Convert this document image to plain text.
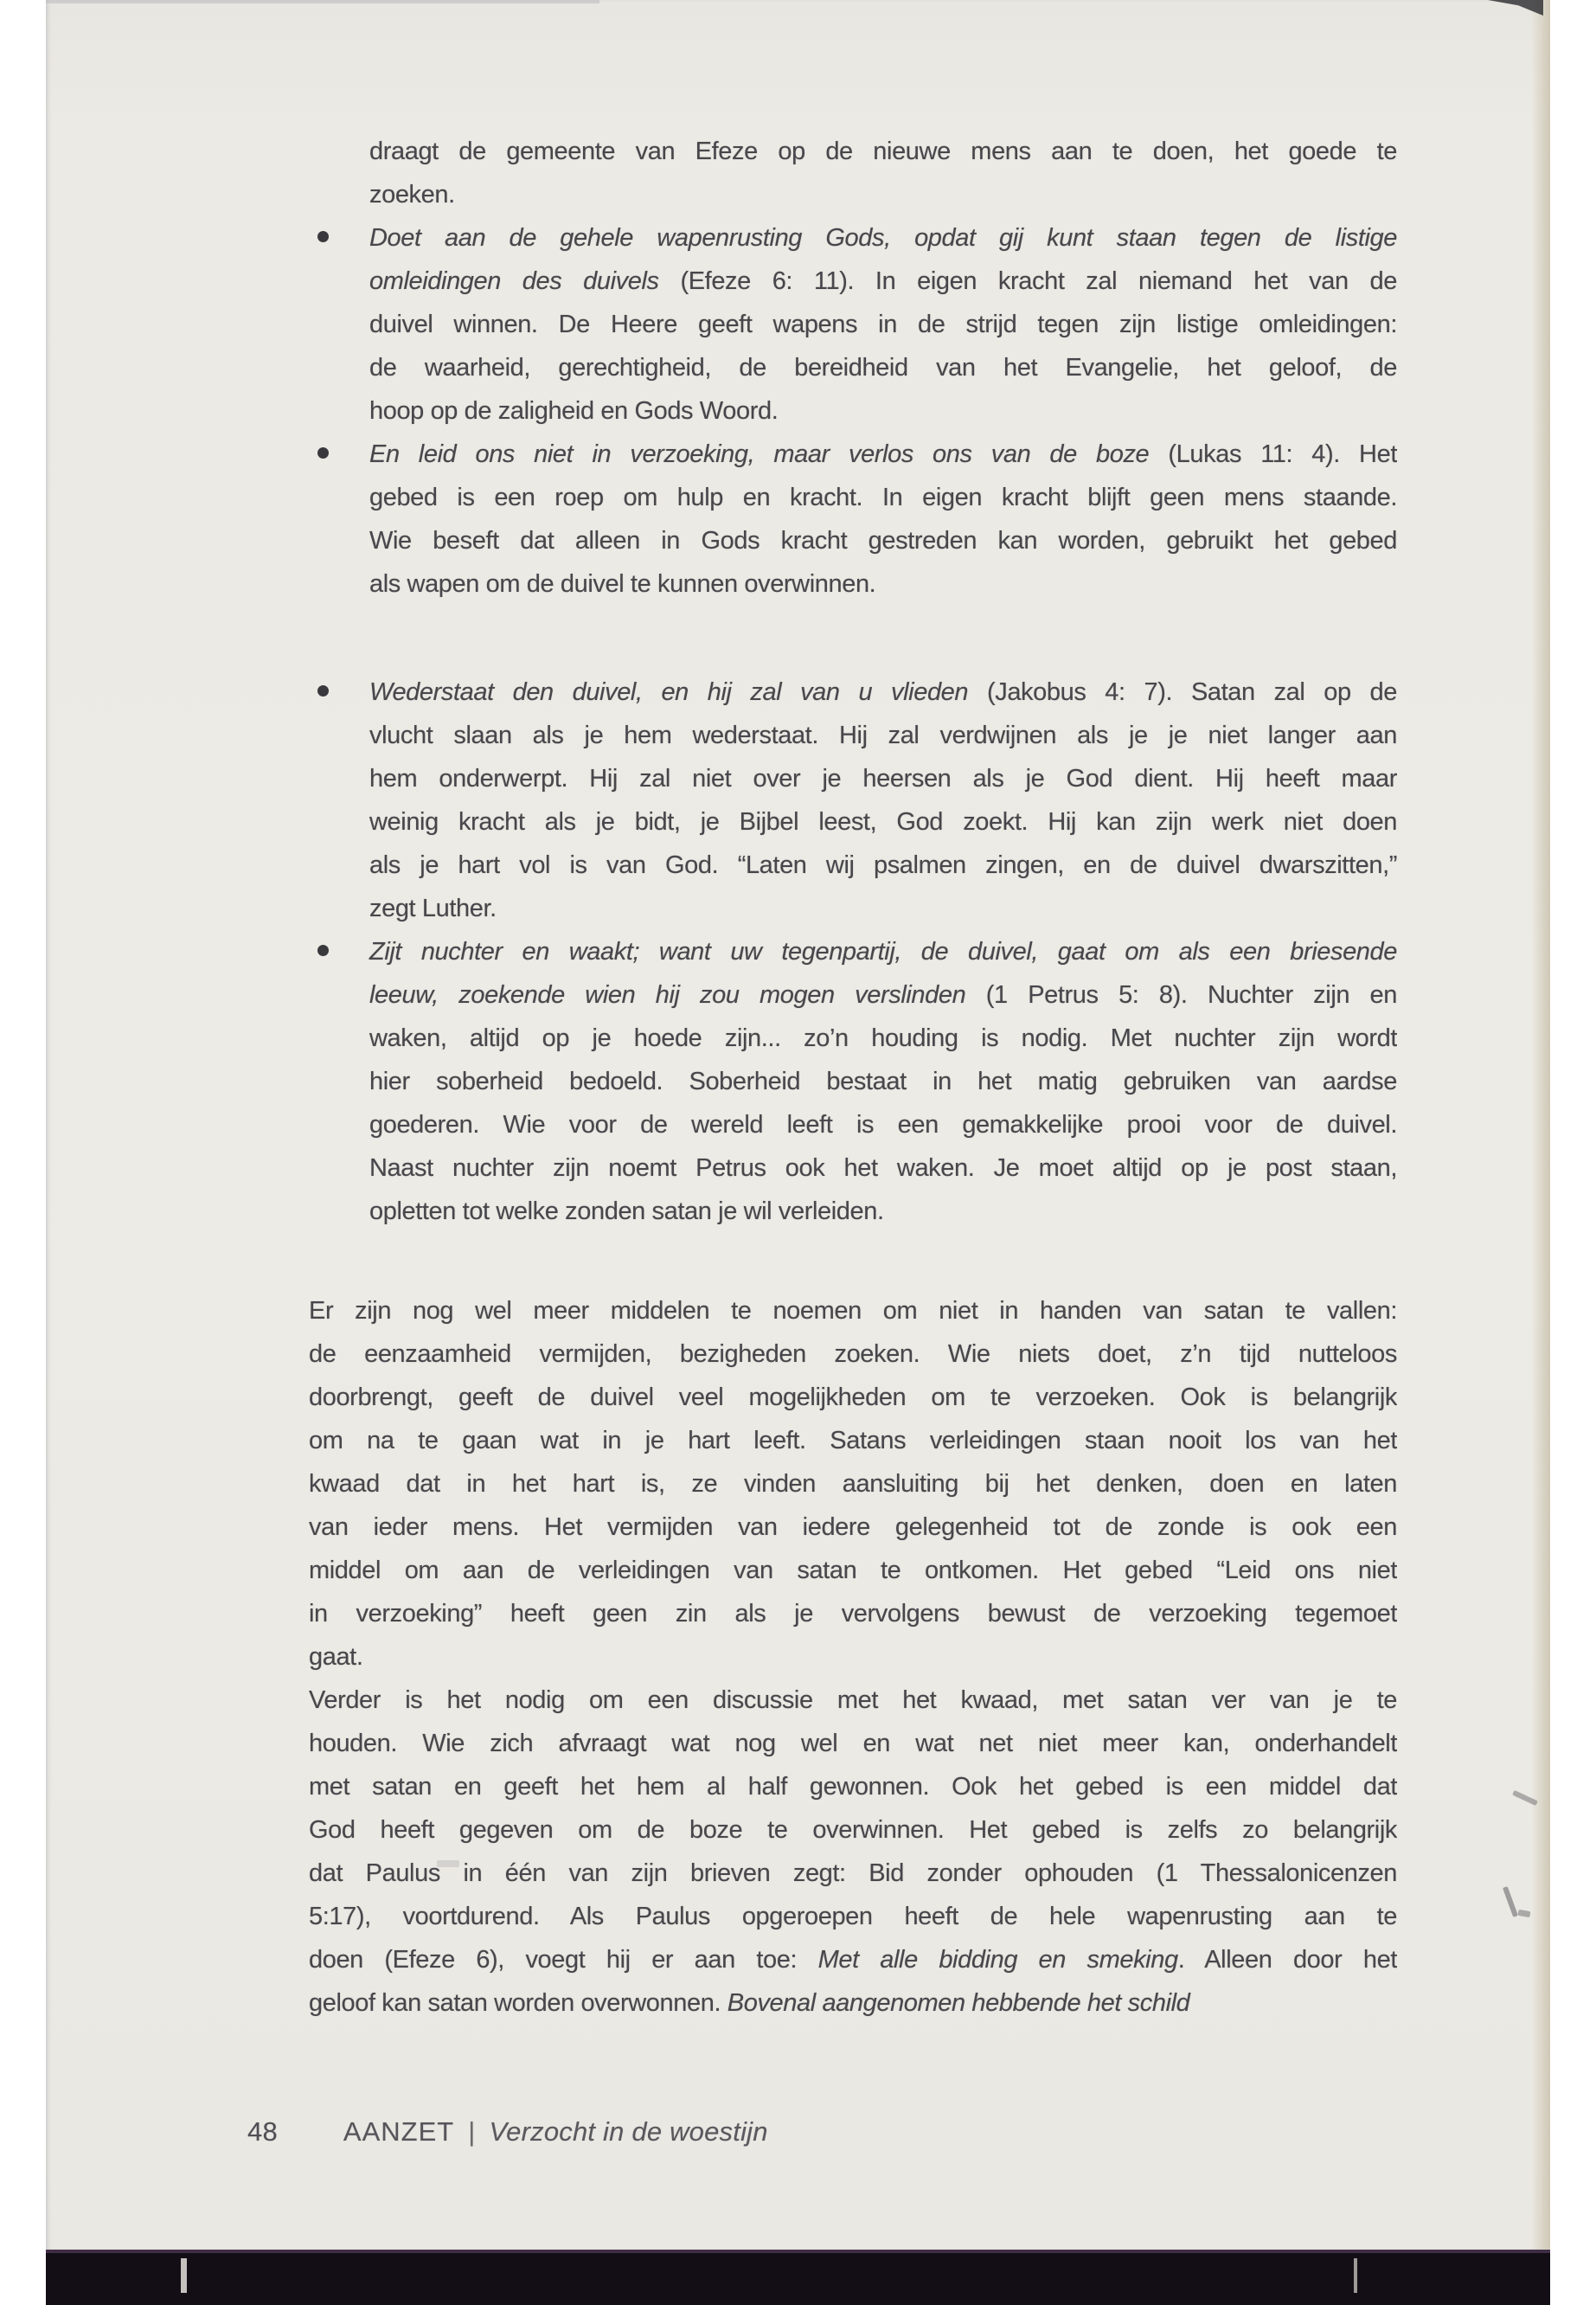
draagt de gemeente van Efeze op de nieuwe mens aan te doen, het goede te
zoeken.
Doet aan de gehele wapenrusting Gods, opdat gij kunt staan tegen de listige
omleidingen des duivels (Efeze 6: 11). In eigen kracht zal niemand het van de
duivel winnen. De Heere geeft wapens in de strijd tegen zijn listige omleidingen:
de waarheid, gerechtigheid, de bereidheid van het Evangelie, het geloof, de
hoop op de zaligheid en Gods Woord.
En leid ons niet in verzoeking, maar verlos ons van de boze (Lukas 11: 4). Het
gebed is een roep om hulp en kracht. In eigen kracht blijft geen mens staande.
Wie beseft dat alleen in Gods kracht gestreden kan worden, gebruikt het gebed
als wapen om de duivel te kunnen overwinnen.
Wederstaat den duivel, en hij zal van u vlieden (Jakobus 4: 7). Satan zal op de
vlucht slaan als je hem wederstaat. Hij zal verdwijnen als je je niet langer aan
hem onderwerpt. Hij zal niet over je heersen als je God dient. Hij heeft maar
weinig kracht als je bidt, je Bijbel leest, God zoekt. Hij kan zijn werk niet doen
als je hart vol is van God. “Laten wij psalmen zingen, en de duivel dwarszitten,”
zegt Luther.
Zijt nuchter en waakt; want uw tegenpartij, de duivel, gaat om als een briesende
leeuw, zoekende wien hij zou mogen verslinden (1 Petrus 5: 8). Nuchter zijn en
waken, altijd op je hoede zijn... zo’n houding is nodig. Met nuchter zijn wordt
hier soberheid bedoeld. Soberheid bestaat in het matig gebruiken van aardse
goederen. Wie voor de wereld leeft is een gemakkelijke prooi voor de duivel.
Naast nuchter zijn noemt Petrus ook het waken. Je moet altijd op je post staan,
opletten tot welke zonden satan je wil verleiden.
Er zijn nog wel meer middelen te noemen om niet in handen van satan te vallen:
de eenzaamheid vermijden, bezigheden zoeken. Wie niets doet, z’n tijd nutteloos
doorbrengt, geeft de duivel veel mogelijkheden om te verzoeken. Ook is belangrijk
om na te gaan wat in je hart leeft. Satans verleidingen staan nooit los van het
kwaad dat in het hart is, ze vinden aansluiting bij het denken, doen en laten
van ieder mens. Het vermijden van iedere gelegenheid tot de zonde is ook een
middel om aan de verleidingen van satan te ontkomen. Het gebed “Leid ons niet
in verzoeking” heeft geen zin als je vervolgens bewust de verzoeking tegemoet
gaat.
Verder is het nodig om een discussie met het kwaad, met satan ver van je te
houden. Wie zich afvraagt wat nog wel en wat net niet meer kan, onderhandelt
met satan en geeft het hem al half gewonnen. Ook het gebed is een middel dat
God heeft gegeven om de boze te overwinnen. Het gebed is zelfs zo belangrijk
dat Paulus in één van zijn brieven zegt: Bid zonder ophouden (1 Thessalonicenzen
5:17), voortdurend. Als Paulus opgeroepen heeft de hele wapenrusting aan te
doen (Efeze 6), voegt hij er aan toe: Met alle bidding en smeking. Alleen door het
geloof kan satan worden overwonnen. Bovenal aangenomen hebbende het schild
48 AANZET | Verzocht in de woestijn
